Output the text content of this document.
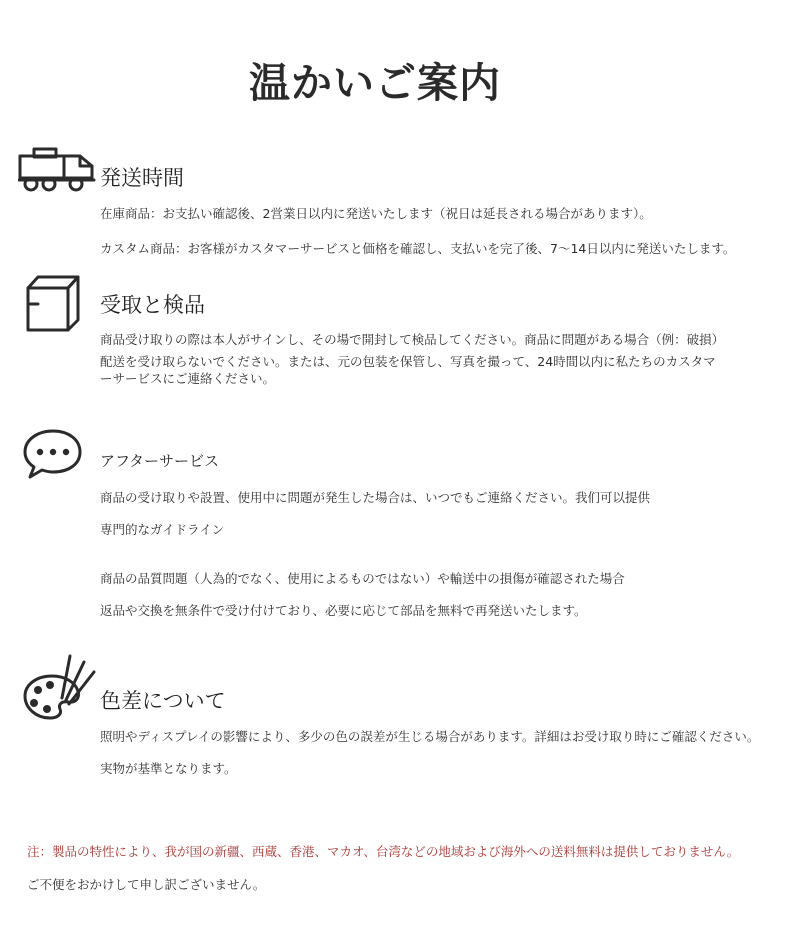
温かいご案内
発送時間
在庫商品：お支払い確認後、2営業日以内に発送いたします（祝日は延長される場合があります）。
カスタム商品：お客様がカスタマーサービスと価格を確認し、支払いを完了後、7〜14日以内に発送いたします。
受取と検品
商品受け取りの際は本人がサインし、その場で開封して検品してください。商品に問題がある場合（例：破損）
配送を受け取らないでください。または、元の包装を保管し、写真を撮って、24時間以内に私たちのカスタマ
ーサービスにご連絡ください。
アフターサービス
商品の受け取りや設置、使用中に問題が発生した場合は、いつでもご連絡ください。我们可以提供
専門的なガイドライン
商品の品質問題（人為的でなく、使用によるものではない）や輸送中の損傷が確認された場合
返品や交換を無条件で受け付けており、必要に応じて部品を無料で再発送いたします。
色差について
照明やディスプレイの影響により、多少の色の誤差が生じる場合があります。詳細はお受け取り時にご確認ください。
実物が基準となります。
注：製品の特性により、我が国の新疆、西蔵、香港、マカオ、台湾などの地域および海外への送料無料は提供しておりません。
ご不便をおかけして申し訳ございません。
